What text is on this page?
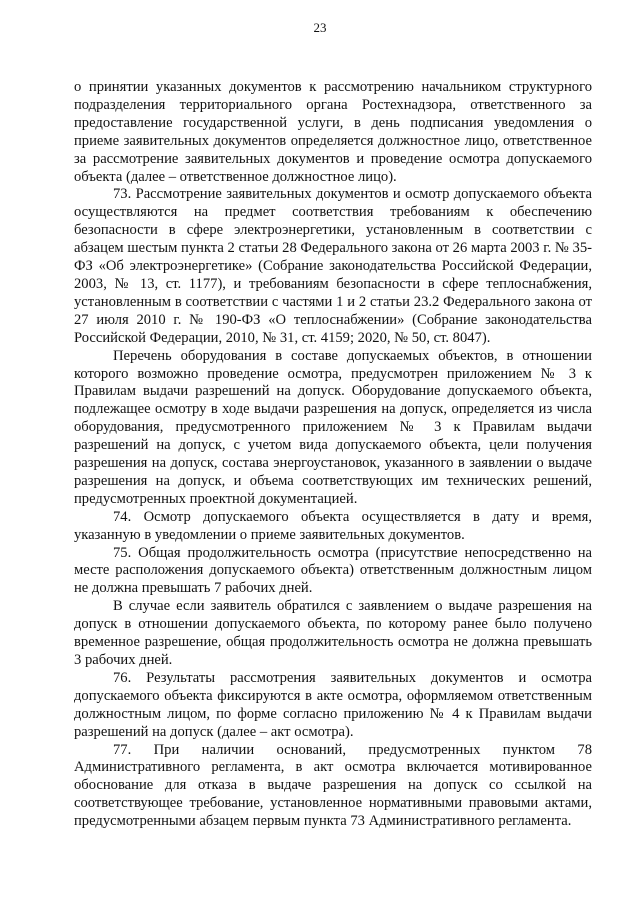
23

о принятии указанных документов к рассмотрению начальником структурного подразделения территориального органа Ростехнадзора, ответственного за предоставление государственной услуги, в день подписания уведомления о приеме заявительных документов определяется должностное лицо, ответственное за рассмотрение заявительных документов и проведение осмотра допускаемого объекта (далее – ответственное должностное лицо).

73. Рассмотрение заявительных документов и осмотр допускаемого объекта осуществляются на предмет соответствия требованиям к обеспечению безопасности в сфере электроэнергетики, установленным в соответствии с абзацем шестым пункта 2 статьи 28 Федерального закона от 26 марта 2003 г. № 35-ФЗ «Об электроэнергетике» (Собрание законодательства Российской Федерации, 2003, № 13, ст. 1177), и требованиям безопасности в сфере теплоснабжения, установленным в соответствии с частями 1 и 2 статьи 23.2 Федерального закона от 27 июля 2010 г. № 190-ФЗ «О теплоснабжении» (Собрание законодательства Российской Федерации, 2010, № 31, ст. 4159; 2020, № 50, ст. 8047).

Перечень оборудования в составе допускаемых объектов, в отношении которого возможно проведение осмотра, предусмотрен приложением № 3 к Правилам выдачи разрешений на допуск. Оборудование допускаемого объекта, подлежащее осмотру в ходе выдачи разрешения на допуск, определяется из числа оборудования, предусмотренного приложением № 3 к Правилам выдачи разрешений на допуск, с учетом вида допускаемого объекта, цели получения разрешения на допуск, состава энергоустановок, указанного в заявлении о выдаче разрешения на допуск, и объема соответствующих им технических решений, предусмотренных проектной документацией.

74. Осмотр допускаемого объекта осуществляется в дату и время, указанную в уведомлении о приеме заявительных документов.

75. Общая продолжительность осмотра (присутствие непосредственно на месте расположения допускаемого объекта) ответственным должностным лицом не должна превышать 7 рабочих дней.

В случае если заявитель обратился с заявлением о выдаче разрешения на допуск в отношении допускаемого объекта, по которому ранее было получено временное разрешение, общая продолжительность осмотра не должна превышать 3 рабочих дней.

76. Результаты рассмотрения заявительных документов и осмотра допускаемого объекта фиксируются в акте осмотра, оформляемом ответственным должностным лицом, по форме согласно приложению № 4 к Правилам выдачи разрешений на допуск (далее – акт осмотра).

77. При наличии оснований, предусмотренных пунктом 78 Административного регламента, в акт осмотра включается мотивированное обоснование для отказа в выдаче разрешения на допуск со ссылкой на соответствующее требование, установленное нормативными правовыми актами, предусмотренными абзацем первым пункта 73 Административного регламента.
